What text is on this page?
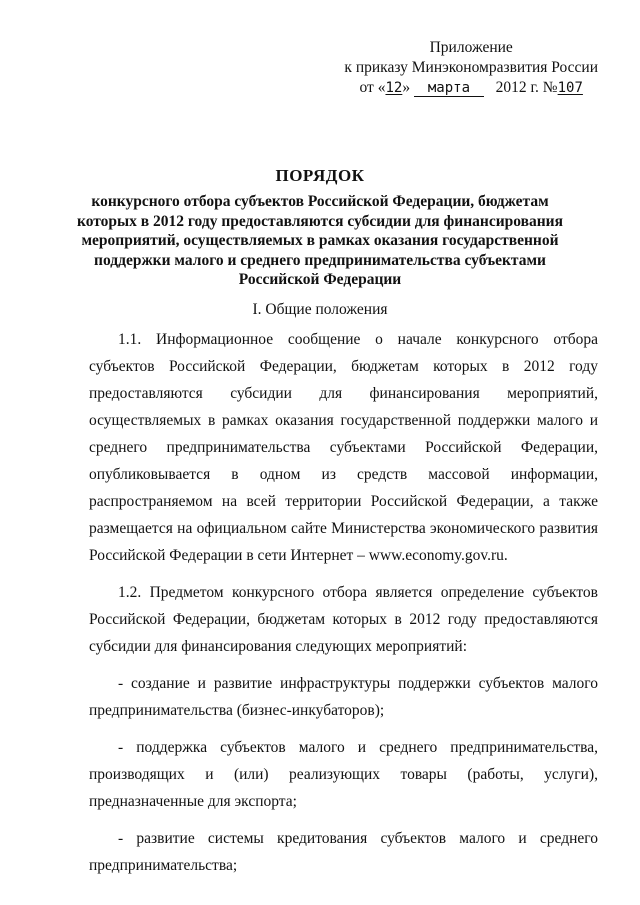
Приложение
к приказу Минэкономразвития России
от «12» марта 2012 г. №107
ПОРЯДОК
конкурсного отбора субъектов Российской Федерации, бюджетам которых в 2012 году предоставляются субсидии для финансирования мероприятий, осуществляемых в рамках оказания государственной поддержки малого и среднего предпринимательства субъектами Российской Федерации
I. Общие положения

1.1. Информационное сообщение о начале конкурсного отбора субъектов Российской Федерации, бюджетам которых в 2012 году предоставляются субсидии для финансирования мероприятий, осуществляемых в рамках оказания государственной поддержки малого и среднего предпринимательства субъектами Российской Федерации, опубликовывается в одном из средств массовой информации, распространяемом на всей территории Российской Федерации, а также размещается на официальном сайте Министерства экономического развития Российской Федерации в сети Интернет – www.economy.gov.ru.

1.2. Предметом конкурсного отбора является определение субъектов Российской Федерации, бюджетам которых в 2012 году предоставляются субсидии для финансирования следующих мероприятий:

- создание и развитие инфраструктуры поддержки субъектов малого предпринимательства (бизнес-инкубаторов);

- поддержка субъектов малого и среднего предпринимательства, производящих и (или) реализующих товары (работы, услуги), предназначенные для экспорта;

- развитие системы кредитования субъектов малого и среднего предпринимательства;
